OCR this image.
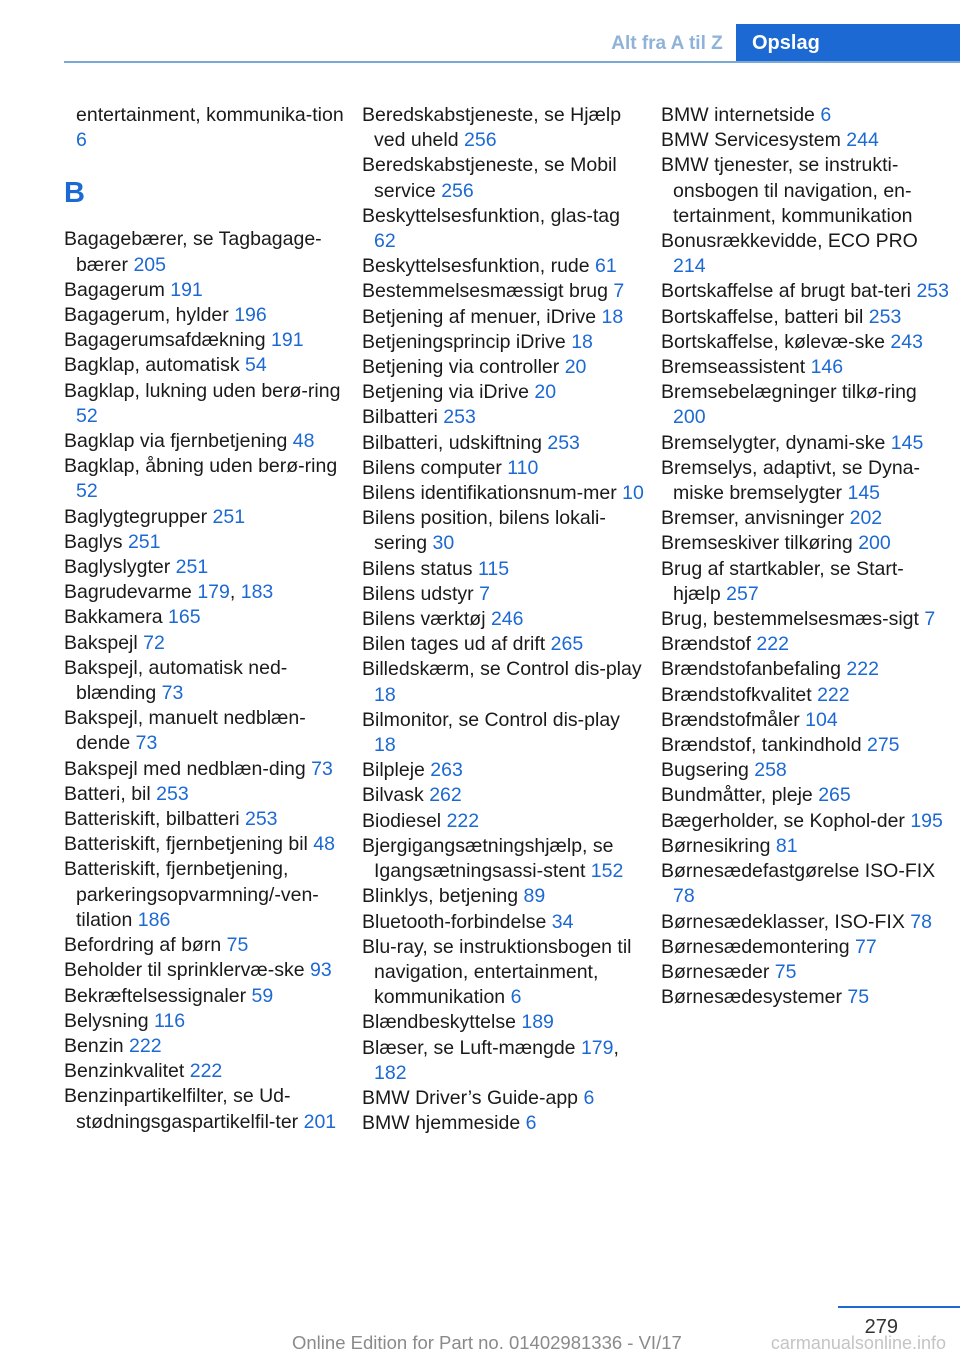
Alt fra A til Z	Opslag

entertainment, kommunika-tion 6

B

Bagagebærer, se Tagbagage-bærer 205

Bagagerum 191

Bagagerum, hylder 196

Bagagerumsafdækning 191

Bagklap, automatisk 54

Bagklap, lukning uden berø-ring 52

Bagklap via fjernbetjening 48

Bagklap, åbning uden berø-ring 52

Baglygtegrupper 251

Baglys 251

Baglyslygter 251

Bagrudevarme 179, 183

Bakkamera 165

Bakspejl 72

Bakspejl, automatisk ned-blænding 73

Bakspejl, manuelt nedblæn-dende 73

Bakspejl med nedblæn-ding 73

Batteri, bil 253

Batteriskift, bilbatteri 253

Batteriskift, fjernbetjening bil 48

Batteriskift, fjernbetjening, parkeringsopvarmning/-ven-tilation 186

Befordring af børn 75

Beholder til sprinklervæ-ske 93

Bekræftelsessignaler 59

Belysning 116

Benzin 222

Benzinkvalitet 222

Benzinpartikelfilter, se Ud-stødningsgaspartikelfil-ter 201

Beredskabstjeneste, se Hjælp ved uheld 256

Beredskabstjeneste, se Mobil service 256

Beskyttelsesfunktion, glas-tag 62

Beskyttelsesfunktion, rude 61

Bestemmelsesmæssigt brug 7

Betjening af menuer, iDrive 18

Betjeningsprincip iDrive 18

Betjening via controller 20

Betjening via iDrive 20

Bilbatteri 253

Bilbatteri, udskiftning 253

Bilens computer 110

Bilens identifikationsnum-mer 10

Bilens position, bilens lokali-sering 30

Bilens status 115

Bilens udstyr 7

Bilens værktøj 246

Bilen tages ud af drift 265

Billedskærm, se Control dis-play 18

Bilmonitor, se Control dis-play 18

Bilpleje 263

Bilvask 262

Biodiesel 222

Bjergigangsætningshjælp, se Igangsætningsassi-stent 152

Blinklys, betjening 89

Bluetooth-forbindelse 34

Blu-ray, se instruktionsbogen til navigation, entertainment, kommunikation 6

Blændbeskyttelse 189

Blæser, se Luft-mængde 179, 182

BMW Driver’s Guide-app 6

BMW hjemmeside 6

BMW internetside 6

BMW Servicesystem 244

BMW tjenester, se instrukti-onsbogen til navigation, en-tertainment, kommunikation

Bonusrækkevidde, ECO PRO 214

Bortskaffelse af brugt bat-teri 253

Bortskaffelse, batteri bil 253

Bortskaffelse, kølevæ-ske 243

Bremseassistent 146

Bremsebelægninger tilkø-ring 200

Bremselygter, dynami-ske 145

Bremselys, adaptivt, se Dyna-miske bremselygter 145

Bremser, anvisninger 202

Bremseskiver tilkøring 200

Brug af startkabler, se Start-hjælp 257

Brug, bestemmelsesmæs-sigt 7

Brændstof 222

Brændstofanbefaling 222

Brændstofkvalitet 222

Brændstofmåler 104

Brændstof, tankindhold 275

Bugsering 258

Bundmåtter, pleje 265

Bægerholder, se Kophol-der 195

Børnesikring 81

Børnesædefastgørelse ISO-FIX 78

Børnesædeklasser, ISO-FIX 78

Børnesædemontering 77

Børnesæder 75

Børnesædesystemer 75

279
Online Edition for Part no. 01402981336 - VI/17	carmanualsonline.info
